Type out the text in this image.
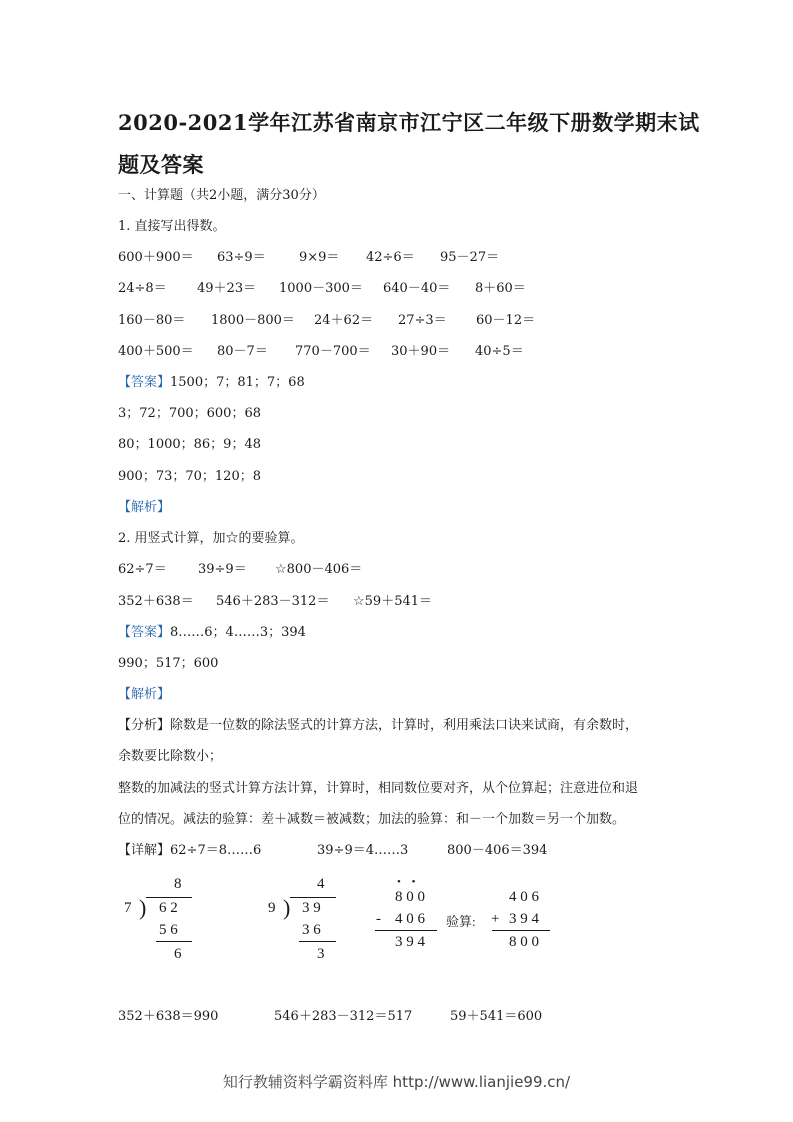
2020-2021学年江苏省南京市江宁区二年级下册数学期末试
题及答案
一、计算题（共2小题，满分30分）
1. 直接写出得数。
600＋900＝ 63÷9＝	9×9＝ 42÷6＝ 95－27＝
24÷8＝ 49＋23＝ 1000－300＝ 640－40＝ 8＋60＝
160－80＝ 1800－800＝ 24＋62＝ 27÷3＝ 60－12＝
400＋500＝ 80－7＝ 770－700＝ 30＋90＝ 40÷5＝
【答案】1500；7；81；7；68
3；72；700；600；68
80；1000；86；9；48
900；73；70；120；8
【解析】
2. 用竖式计算，加☆的要验算。
62÷7＝ 39÷9＝ ☆800－406＝
352＋638＝ 546＋283－312＝ ☆59＋541＝
【答案】8……6；4……3；394
990；517；600
【解析】
【分析】除数是一位数的除法竖式的计算方法，计算时，利用乘法口诀来试商，有余数时，
余数要比除数小；
整数的加减法的竖式计算方法计算，计算时，相同数位要对齐，从个位算起；注意进位和退
位的情况。减法的验算：差＋减数＝被减数；加法的验算：和－一个加数＝另一个加数。
【详解】62÷7＝8……6	39÷9＝4……3	800－406＝394
8
7 ) 6 2
5 6
6
4
9 ) 3 9
3 6
3
• •
8 0 0
- 4 0 6
3 9 4
验算:
4 0 6
+ 3 9 4
8 0 0
352＋638＝990	546＋283－312＝517	59＋541＝600
知行教辅资料学霸资料库 http://www.lianjie99.cn/
